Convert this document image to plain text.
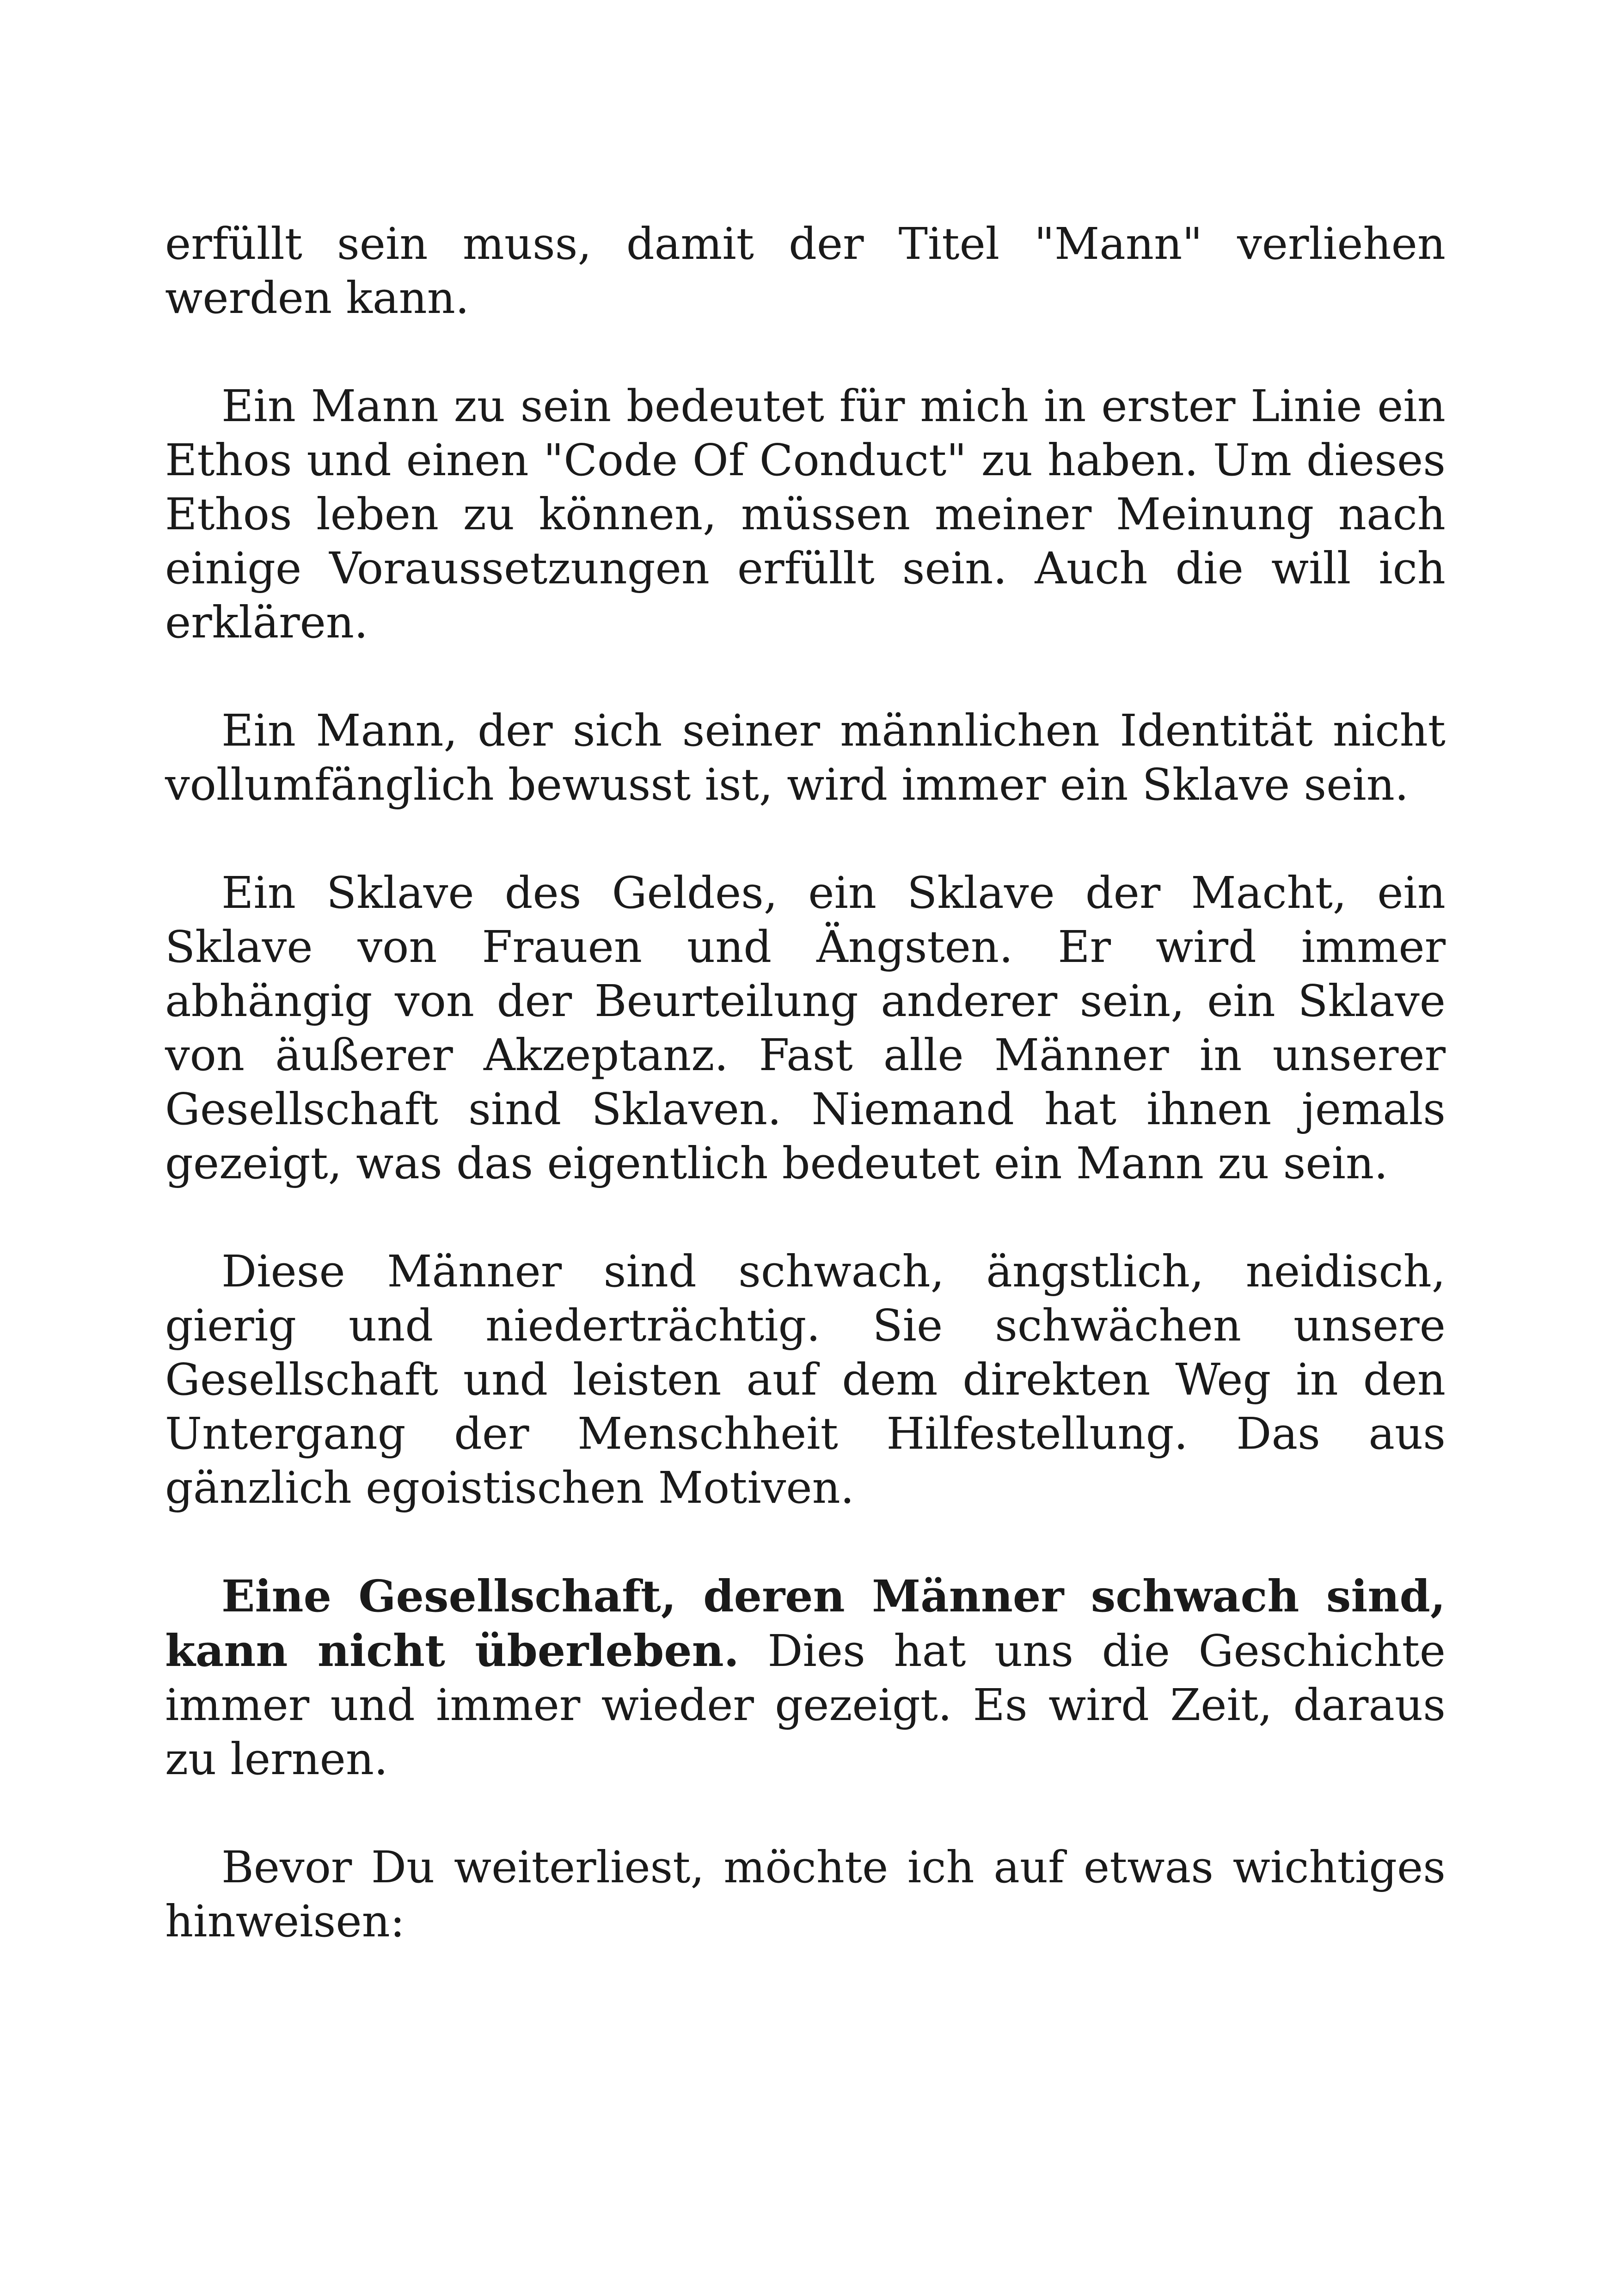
erfüllt sein muss, damit der Titel "Mann" verliehen werden kann.

Ein Mann zu sein bedeutet für mich in erster Linie ein Ethos und einen "Code Of Conduct" zu haben. Um dieses Ethos leben zu können, müssen meiner Meinung nach einige Voraussetzungen erfüllt sein. Auch die will ich erklären.

Ein Mann, der sich seiner männlichen Identität nicht vollumfänglich bewusst ist, wird immer ein Sklave sein.

Ein Sklave des Geldes, ein Sklave der Macht, ein Sklave von Frauen und Ängsten. Er wird immer abhängig von der Beurteilung anderer sein, ein Sklave von äußerer Akzeptanz. Fast alle Männer in unserer Gesellschaft sind Sklaven. Niemand hat ihnen jemals gezeigt, was das eigentlich bedeutet ein Mann zu sein.

Diese Männer sind schwach, ängstlich, neidisch, gierig und niederträchtig. Sie schwächen unsere Gesellschaft und leisten auf dem direkten Weg in den Untergang der Menschheit Hilfestellung. Das aus gänzlich egoistischen Motiven.

Eine Gesellschaft, deren Männer schwach sind, kann nicht überleben. Dies hat uns die Geschichte immer und immer wieder gezeigt. Es wird Zeit, daraus zu lernen.

Bevor Du weiterliest, möchte ich auf etwas wichtiges hinweisen:
